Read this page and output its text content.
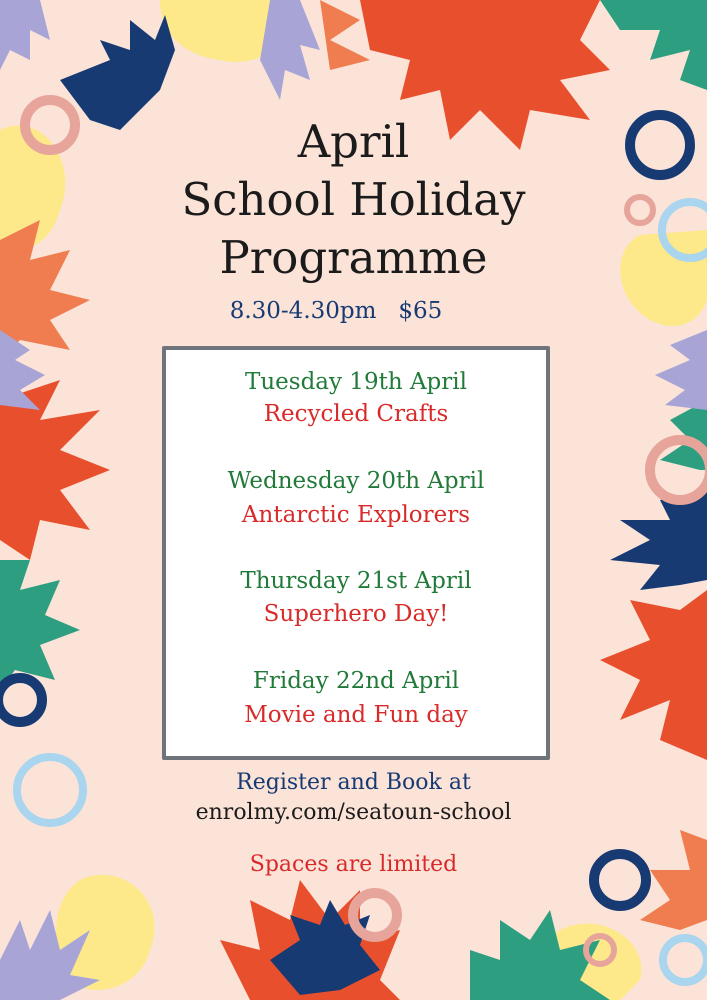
April
School Holiday
Programme
8.30-4.30pm $65
Tuesday 19th April
Recycled Crafts
Wednesday 20th April
Antarctic Explorers
Thursday 21st April
Superhero Day!
Friday 22nd April
Movie and Fun day
Register and Book at
enrolmy.com/seatoun-school
Spaces are limited
